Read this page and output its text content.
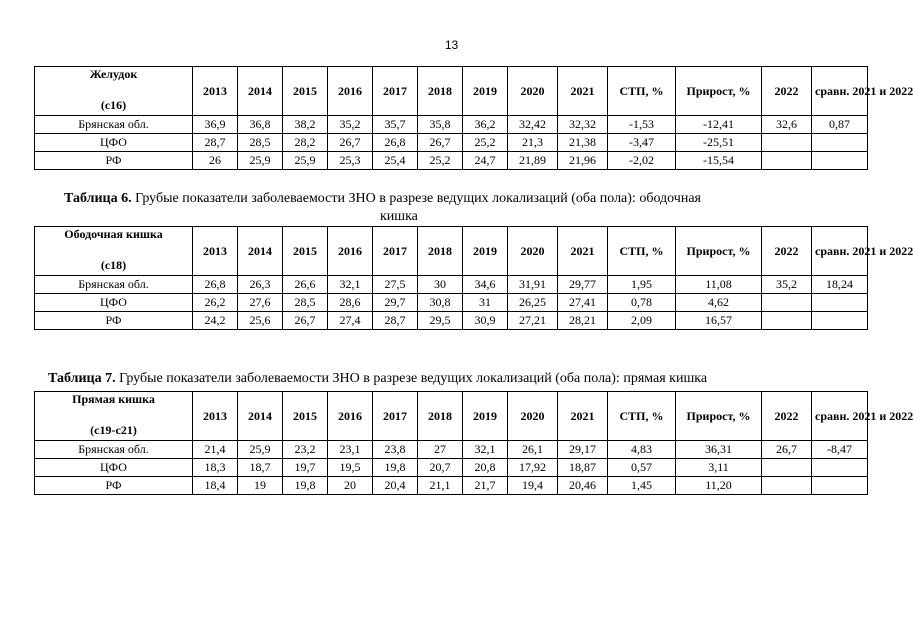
13
Желудок
(c16)	2013	2014	2015	2016	2017	2018	2019	2020	2021	СТП, %	Прирост, %	2022	сравн. 2021 и 2022
Брянская обл.	36,9	36,8	38,2	35,2	35,7	35,8	36,2	32,42	32,32	-1,53	-12,41	32,6	0,87
ЦФО	28,7	28,5	28,2	26,7	26,8	26,7	25,2	21,3	21,38	-3,47	-25,51		
РФ	26	25,9	25,9	25,3	25,4	25,2	24,7	21,89	21,96	-2,02	-15,54		
Таблица 6. Грубые показатели заболеваемости ЗНО в разрезе ведущих локализаций (оба пола): ободочная
кишка
Ободочная кишка
(c18)	2013	2014	2015	2016	2017	2018	2019	2020	2021	СТП, %	Прирост, %	2022	сравн. 2021 и 2022
Брянская обл.	26,8	26,3	26,6	32,1	27,5	30	34,6	31,91	29,77	1,95	11,08	35,2	18,24
ЦФО	26,2	27,6	28,5	28,6	29,7	30,8	31	26,25	27,41	0,78	4,62		
РФ	24,2	25,6	26,7	27,4	28,7	29,5	30,9	27,21	28,21	2,09	16,57		
Таблица 7. Грубые показатели заболеваемости ЗНО в разрезе ведущих локализаций (оба пола): прямая кишка
Прямая кишка
(c19-c21)	2013	2014	2015	2016	2017	2018	2019	2020	2021	СТП, %	Прирост, %	2022	сравн. 2021 и 2022
Брянская обл.	21,4	25,9	23,2	23,1	23,8	27	32,1	26,1	29,17	4,83	36,31	26,7	-8,47
ЦФО	18,3	18,7	19,7	19,5	19,8	20,7	20,8	17,92	18,87	0,57	3,11		
РФ	18,4	19	19,8	20	20,4	21,1	21,7	19,4	20,46	1,45	11,20		
